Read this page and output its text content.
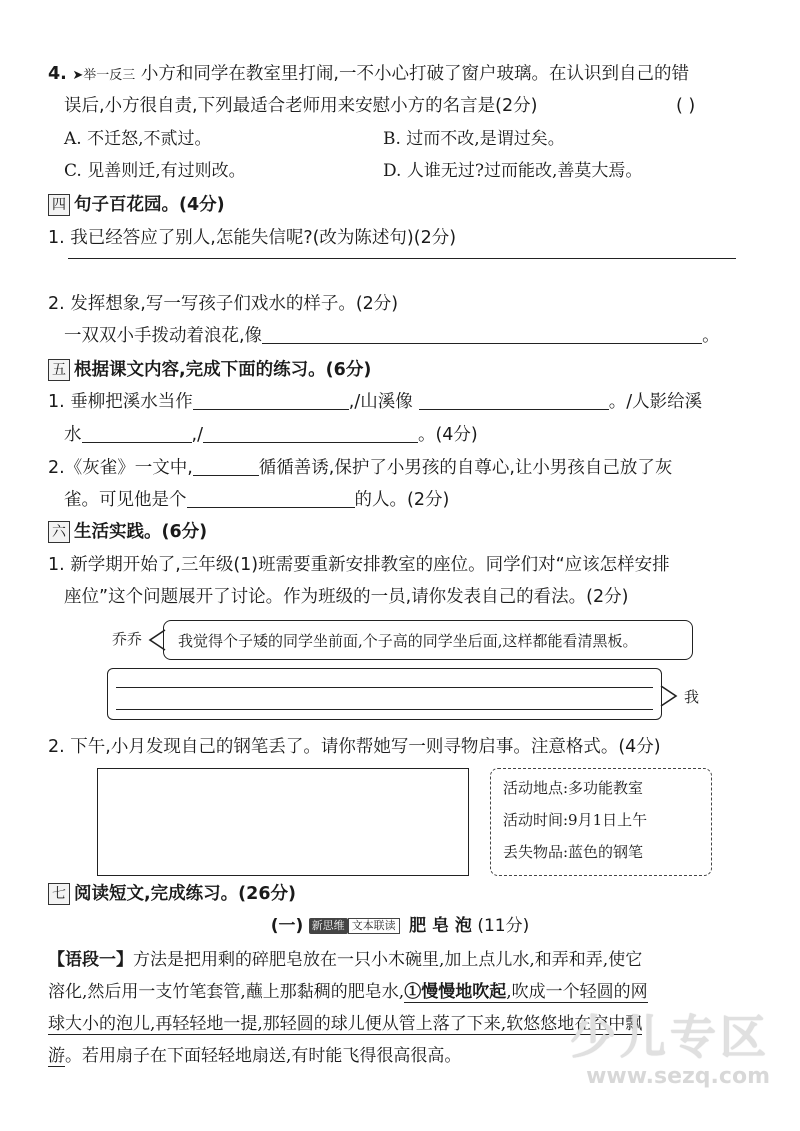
4. ➤举一反三 小方和同学在教室里打闹,一不小心打破了窗户玻璃。在认识到自己的错
误后,小方很自责,下列最适合老师用来安慰小方的名言是(2分)	( )
A. 不迁怒,不贰过。	B. 过而不改,是谓过矣。
C. 见善则迁,有过则改。	D. 人谁无过?过而能改,善莫大焉。
四 句子百花园。(4分)
1. 我已经答应了别人,怎能失信呢?(改为陈述句)(2分)
2. 发挥想象,写一写孩子们戏水的样子。(2分)
一双双小手拨动着浪花,像	。
五 根据课文内容,完成下面的练习。(6分)
1. 垂柳把溪水当作	,/山溪像	。/人影给溪
水	,/	。(4分)
2.《灰雀》一文中,	循循善诱,保护了小男孩的自尊心,让小男孩自己放了灰
雀。可见他是个	的人。(2分)
六 生活实践。(6分)
1. 新学期开始了,三年级(1)班需要重新安排教室的座位。同学们对“应该怎样安排
座位”这个问题展开了讨论。作为班级的一员,请你发表自己的看法。(2分)
乔乔	我觉得个子矮的同学坐前面,个子高的同学坐后面,这样都能看清黑板。
我
2. 下午,小月发现自己的钢笔丢了。请你帮她写一则寻物启事。注意格式。(4分)
活动地点:多功能教室
活动时间:9月1日上午
丢失物品:蓝色的钢笔
七 阅读短文,完成练习。(26分)
(一) 新思维 文本联读 肥 皂 泡 (11分)
【语段一】方法是把用剩的碎肥皂放在一只小木碗里,加上点儿水,和弄和弄,使它
溶化,然后用一支竹笔套管,蘸上那黏稠的肥皂水,①慢慢地吹起,吹成一个轻圆的网
球大小的泡儿,再轻轻地一提,那轻圆的球儿便从管上落了下来,软悠悠地在空中飘
游。若用扇子在下面轻轻地扇送,有时能飞得很高很高。	少儿专区
www.sezq.com
